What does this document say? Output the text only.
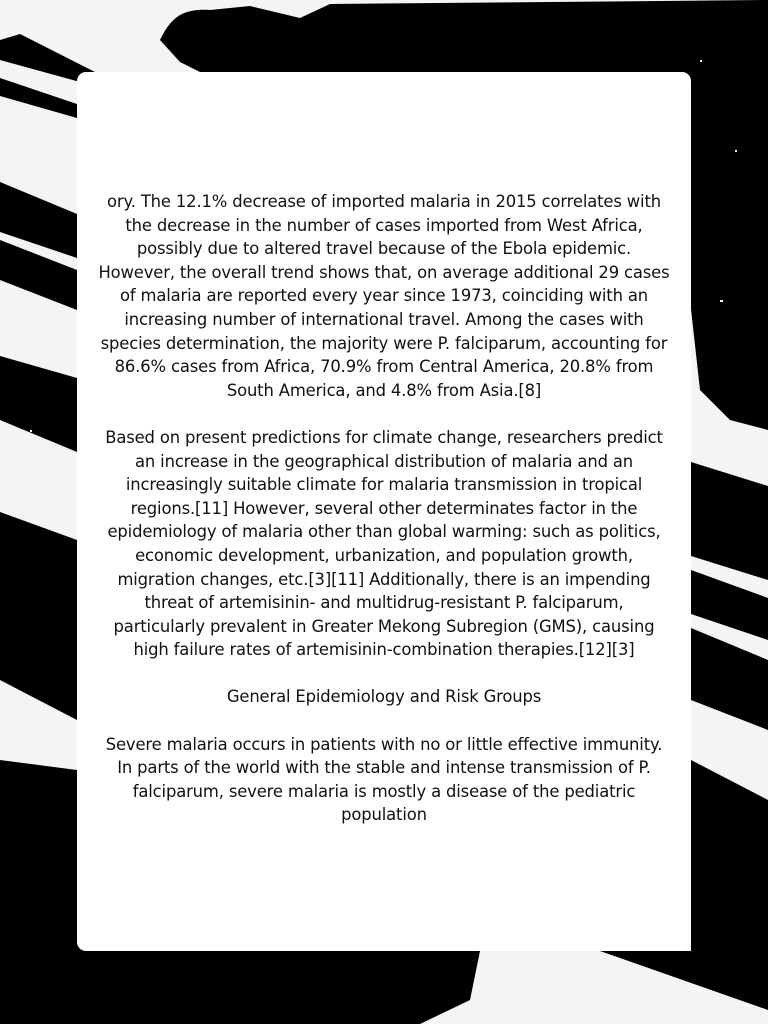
ory. The 12.1% decrease of imported malaria in 2015 correlates with

the decrease in the number of cases imported from West Africa,

possibly due to altered travel because of the Ebola epidemic.

However, the overall trend shows that, on average additional 29 cases

of malaria are reported every year since 1973, coinciding with an

increasing number of international travel. Among the cases with

species determination, the majority were P. falciparum, accounting for

86.6% cases from Africa, 70.9% from Central America, 20.8% from

South America, and 4.8% from Asia.[8]

Based on present predictions for climate change, researchers predict

an increase in the geographical distribution of malaria and an

increasingly suitable climate for malaria transmission in tropical

regions.[11] However, several other determinates factor in the

epidemiology of malaria other than global warming: such as politics,

economic development, urbanization, and population growth,

migration changes, etc.[3][11] Additionally, there is an impending

threat of artemisinin- and multidrug-resistant P. falciparum,

particularly prevalent in Greater Mekong Subregion (GMS), causing

high failure rates of artemisinin-combination therapies.[12][3]

General Epidemiology and Risk Groups

Severe malaria occurs in patients with no or little effective immunity.

In parts of the world with the stable and intense transmission of P.

falciparum, severe malaria is mostly a disease of the pediatric

population
